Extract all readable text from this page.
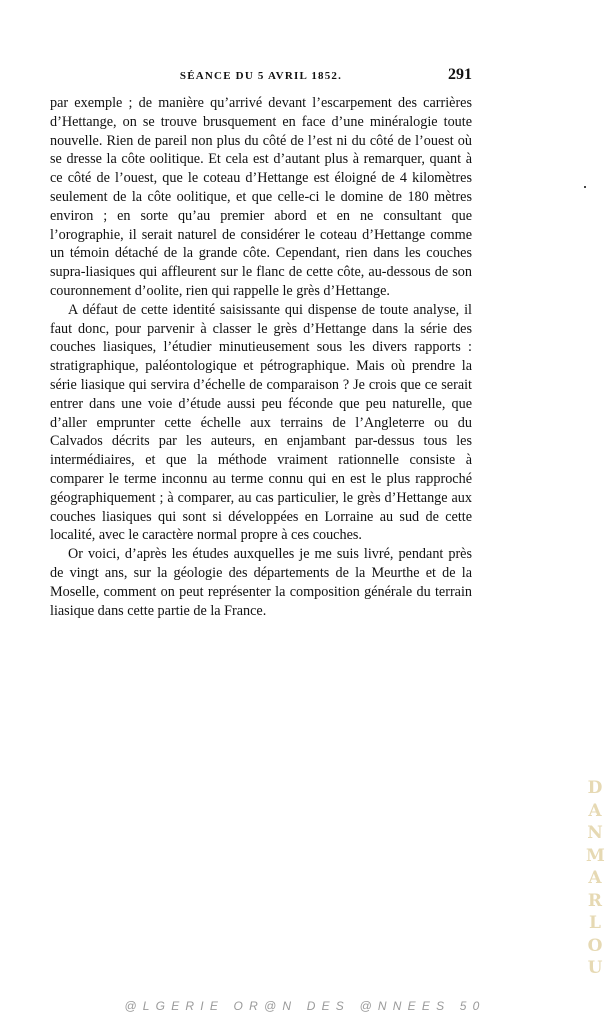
SÉANCE DU 5 AVRIL 1852.	291

par exemple ; de manière qu’arrivé devant l’escarpement des carrières d’Hettange, on se trouve brusquement en face d’une minéralogie toute nouvelle. Rien de pareil non plus du côté de l’est ni du côté de l’ouest où se dresse la côte oolitique. Et cela est d’autant plus à remarquer, quant à ce côté de l’ouest, que le coteau d’Hettange est éloigné de 4 kilomètres seulement de la côte oolitique, et que celle-ci le domine de 180 mètres environ ; en sorte qu’au premier abord et en ne consultant que l’orographie, il serait naturel de considérer le coteau d’Hettange comme un témoin détaché de la grande côte. Cependant, rien dans les couches supra-liasiques qui affleurent sur le flanc de cette côte, au-dessous de son couronnement d’oolite, rien qui rappelle le grès d’Hettange.

A défaut de cette identité saisissante qui dispense de toute analyse, il faut donc, pour parvenir à classer le grès d’Hettange dans la série des couches liasiques, l’étudier minutieusement sous les divers rapports : stratigraphique, paléontologique et pétrographique. Mais où prendre la série liasique qui servira d’échelle de comparaison ? Je crois que ce serait entrer dans une voie d’étude aussi peu féconde que peu naturelle, que d’aller emprunter cette échelle aux terrains de l’Angleterre ou du Calvados décrits par les auteurs, en enjambant par-dessus tous les intermédiaires, et que la méthode vraiment rationnelle consiste à comparer le terme inconnu au terme connu qui en est le plus rapproché géographiquement ; à comparer, au cas particulier, le grès d’Hettange aux couches liasiques qui sont si développées en Lorraine au sud de cette localité, avec le caractère normal propre à ces couches.

Or voici, d’après les études auxquelles je me suis livré, pendant près de vingt ans, sur la géologie des départements de la Meurthe et de la Moselle, comment on peut représenter la composition générale du terrain liasique dans cette partie de la France.

DANMARLOU
@LGERIE OR@N DES @NNEES 50
